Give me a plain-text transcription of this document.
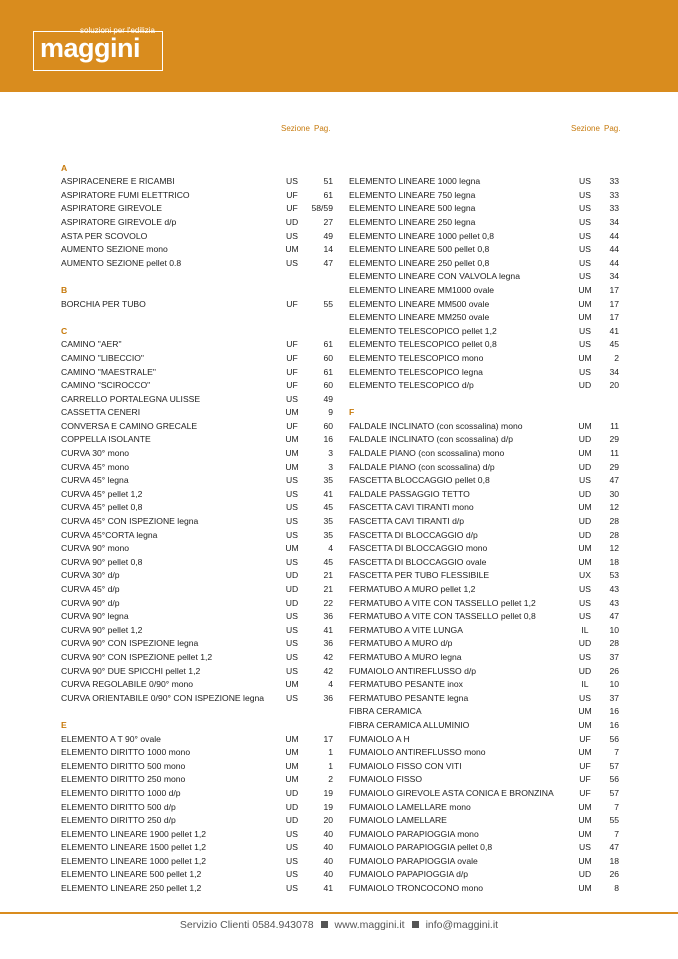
soluzioni per l'edilizia
maggini
Sezione Pag.
A
ASPIRACENERE E RICAMBI	US	51
ASPIRATORE FUMI ELETTRICO	UF	61
ASPIRATORE GIREVOLE	UF	58/59
ASPIRATORE GIREVOLE d/p	UD	27
ASTA PER SCOVOLO	US	49
AUMENTO SEZIONE mono	UM	14
AUMENTO SEZIONE pellet 0.8	US	47
B
BORCHIA PER TUBO	UF	55
C
CAMINO "AER"	UF	61
CAMINO "LIBECCIO"	UF	60
CAMINO "MAESTRALE"	UF	61
CAMINO "SCIROCCO"	UF	60
CARRELLO PORTALEGNA ULISSE	US	49
CASSETTA CENERI	UM	9
CONVERSA E CAMINO GRECALE	UF	60
COPPELLA ISOLANTE	UM	16
CURVA 30° mono	UM	3
CURVA 45° mono	UM	3
CURVA 45° legna	US	35
CURVA 45° pellet 1,2	US	41
CURVA 45° pellet 0,8	US	45
CURVA 45° CON ISPEZIONE legna	US	35
CURVA 45°CORTA legna	US	35
CURVA 90° mono	UM	4
CURVA 90° pellet 0,8	US	45
CURVA 30° d/p	UD	21
CURVA 45° d/p	UD	21
CURVA 90° d/p	UD	22
CURVA 90° legna	US	36
CURVA 90° pellet 1,2	US	41
CURVA 90° CON ISPEZIONE legna	US	36
CURVA 90° CON ISPEZIONE pellet 1,2	US	42
CURVA 90° DUE SPICCHI pellet 1,2	US	42
CURVA REGOLABILE 0/90° mono	UM	4
CURVA ORIENTABILE 0/90° CON ISPEZIONE legna	US	36
E
ELEMENTO A T 90° ovale	UM	17
ELEMENTO DIRITTO 1000 mono	UM	1
ELEMENTO DIRITTO 500 mono	UM	1
ELEMENTO DIRITTO 250 mono	UM	2
ELEMENTO DIRITTO 1000 d/p	UD	19
ELEMENTO DIRITTO 500 d/p	UD	19
ELEMENTO DIRITTO 250 d/p	UD	20
ELEMENTO LINEARE 1900 pellet 1,2	US	40
ELEMENTO LINEARE 1500 pellet 1,2	US	40
ELEMENTO LINEARE 1000 pellet 1,2	US	40
ELEMENTO LINEARE 500 pellet 1,2	US	40
ELEMENTO LINEARE 250 pellet 1,2	US	41
Sezione Pag.
ELEMENTO LINEARE 1000 legna	US	33
ELEMENTO LINEARE 750 legna	US	33
ELEMENTO LINEARE 500 legna	US	33
ELEMENTO LINEARE 250 legna	US	34
ELEMENTO LINEARE 1000 pellet 0,8	US	44
ELEMENTO LINEARE 500 pellet 0,8	US	44
ELEMENTO LINEARE 250 pellet 0,8	US	44
ELEMENTO LINEARE CON VALVOLA legna	US	34
ELEMENTO LINEARE MM1000 ovale	UM	17
ELEMENTO LINEARE MM500 ovale	UM	17
ELEMENTO LINEARE MM250 ovale	UM	17
ELEMENTO TELESCOPICO pellet 1,2	US	41
ELEMENTO TELESCOPICO pellet 0,8	US	45
ELEMENTO TELESCOPICO mono	UM	2
ELEMENTO TELESCOPICO legna	US	34
ELEMENTO TELESCOPICO d/p	UD	20
F
FALDALE INCLINATO (con scossalina) mono	UM	11
FALDALE INCLINATO (con scossalina) d/p	UD	29
FALDALE PIANO (con scossalina) mono	UM	11
FALDALE PIANO (con scossalina) d/p	UD	29
FASCETTA BLOCCAGGIO pellet 0,8	US	47
FALDALE PASSAGGIO TETTO	UD	30
FASCETTA CAVI TIRANTI mono	UM	12
FASCETTA CAVI TIRANTI d/p	UD	28
FASCETTA DI BLOCCAGGIO d/p	UD	28
FASCETTA DI BLOCCAGGIO mono	UM	12
FASCETTA DI BLOCCAGGIO ovale	UM	18
FASCETTA PER TUBO FLESSIBILE	UX	53
FERMATUBO A MURO pellet 1,2	US	43
FERMATUBO A VITE CON TASSELLO pellet 1,2	US	43
FERMATUBO A VITE CON TASSELLO pellet 0,8	US	47
FERMATUBO A VITE LUNGA	IL	10
FERMATUBO A MURO d/p	UD	28
FERMATUBO A MURO legna	US	37
FUMAIOLO ANTIREFLUSSO d/p	UD	26
FERMATUBO PESANTE inox	IL	10
FERMATUBO PESANTE legna	US	37
FIBRA CERAMICA	UM	16
FIBRA CERAMICA ALLUMINIO	UM	16
FUMAIOLO A H	UF	56
FUMAIOLO ANTIREFLUSSO mono	UM	7
FUMAIOLO FISSO CON VITI	UF	57
FUMAIOLO FISSO	UF	56
FUMAIOLO GIREVOLE ASTA CONICA E BRONZINA	UF	57
FUMAIOLO LAMELLARE mono	UM	7
FUMAIOLO LAMELLARE	UM	55
FUMAIOLO PARAPIOGGIA mono	UM	7
FUMAIOLO PARAPIOGGIA pellet 0,8	US	47
FUMAIOLO PARAPIOGGIA ovale	UM	18
FUMAIOLO PAPAPIOGGIA d/p	UD	26
FUMAIOLO TRONCOCONO mono	UM	8
Servizio Clienti 0584.943078 www.maggini.it info@maggini.it
